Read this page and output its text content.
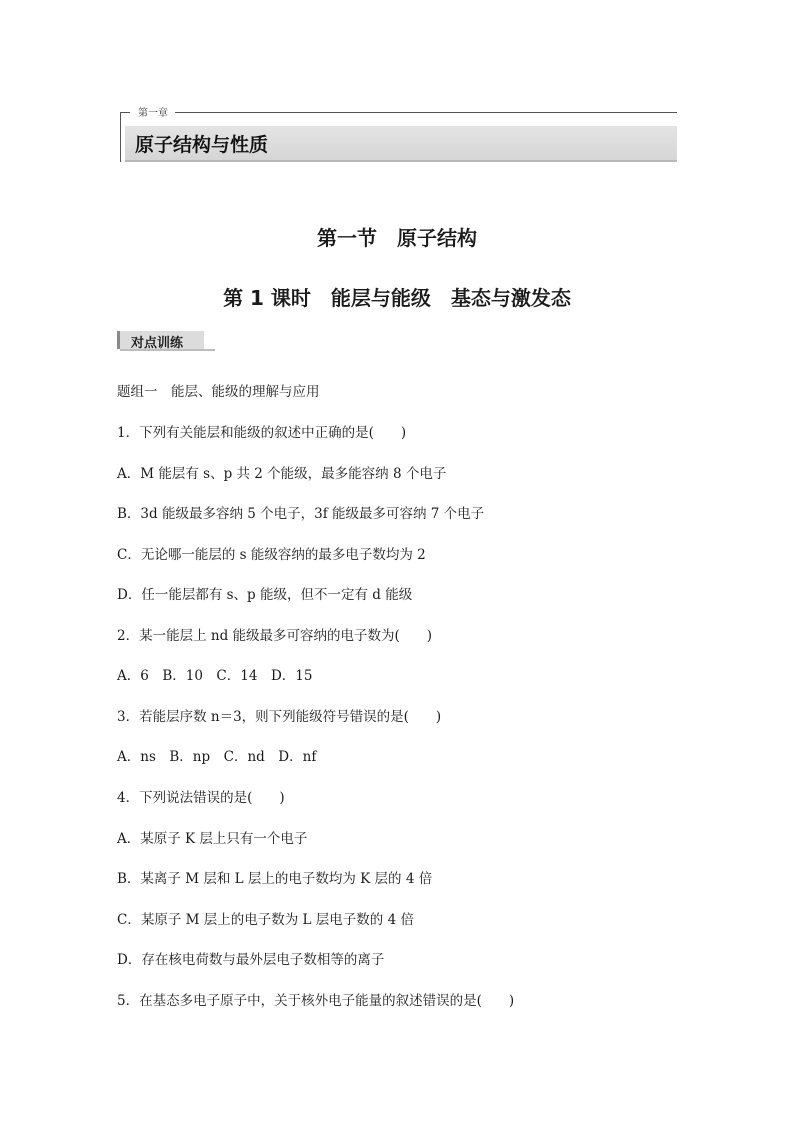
第一章
原子结构与性质
第一节　原子结构
第 1 课时　能层与能级　基态与激发态
对点训练
题组一　能层、能级的理解与应用
1．下列有关能层和能级的叙述中正确的是(　　)
A．M 能层有 s、p 共 2 个能级，最多能容纳 8 个电子
B．3d 能级最多容纳 5 个电子，3f 能级最多可容纳 7 个电子
C．无论哪一能层的 s 能级容纳的最多电子数均为 2
D．任一能层都有 s、p 能级，但不一定有 d 能级
2．某一能层上 nd 能级最多可容纳的电子数为(　　)
A．6　B．10　C．14　D．15
3．若能层序数 n＝3，则下列能级符号错误的是(　　)
A．ns　B．np　C．nd　D．nf
4．下列说法错误的是(　　)
A．某原子 K 层上只有一个电子
B．某离子 M 层和 L 层上的电子数均为 K 层的 4 倍
C．某原子 M 层上的电子数为 L 层电子数的 4 倍
D．存在核电荷数与最外层电子数相等的离子
5．在基态多电子原子中，关于核外电子能量的叙述错误的是(　　)
